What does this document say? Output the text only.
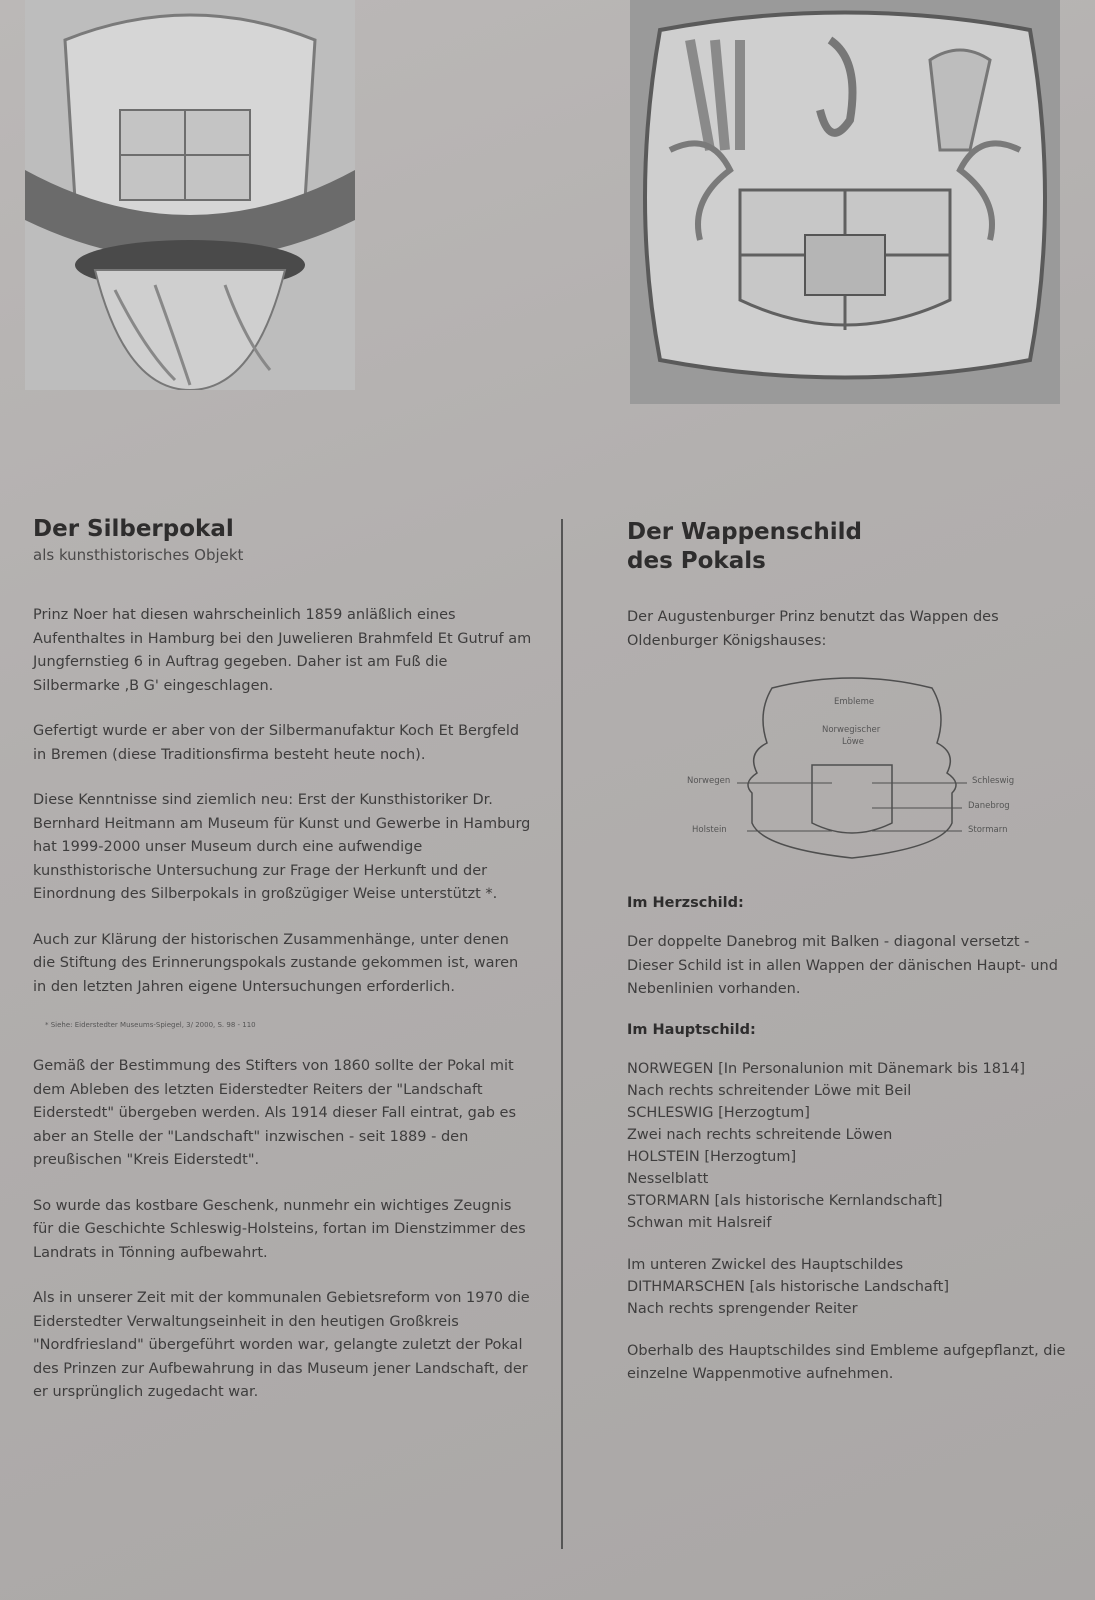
Der Silberpokal
als kunsthistorisches Objekt

Prinz Noer hat diesen wahrscheinlich 1859 anläßlich eines Aufenthaltes in Hamburg bei den Juwelieren Brahmfeld Et Gutruf am Jungfernstieg 6 in Auftrag gegeben. Daher ist am Fuß die Silbermarke ‚B G' eingeschlagen.

Gefertigt wurde er aber von der Silbermanufaktur Koch Et Bergfeld in Bremen (diese Traditionsfirma besteht heute noch).

Diese Kenntnisse sind ziemlich neu: Erst der Kunsthistoriker Dr. Bernhard Heitmann am Museum für Kunst und Gewerbe in Hamburg hat 1999-2000 unser Museum durch eine aufwendige kunsthistorische Untersuchung zur Frage der Herkunft und der Einordnung des Silberpokals in großzügiger Weise unterstützt *.

Auch zur Klärung der historischen Zusammenhänge, unter denen die Stiftung des Erinnerungspokals zustande gekommen ist, waren in den letzten Jahren eigene Untersuchungen erforderlich.

* Siehe: Eiderstedter Museums-Spiegel, 3/ 2000, S. 98 - 110

Gemäß der Bestimmung des Stifters von 1860 sollte der Pokal mit dem Ableben des letzten Eiderstedter Reiters der "Landschaft Eiderstedt" übergeben werden. Als 1914 dieser Fall eintrat, gab es aber an Stelle der "Landschaft" inzwischen - seit 1889 - den preußischen "Kreis Eiderstedt".

So wurde das kostbare Geschenk, nunmehr ein wichtiges Zeugnis für die Geschichte Schleswig-Holsteins, fortan im Dienstzimmer des Landrats in Tönning aufbewahrt.

Als in unserer Zeit mit der kommunalen Gebietsreform von 1970 die Eiderstedter Verwaltungseinheit in den heutigen Großkreis "Nordfriesland" übergeführt worden war, gelangte zuletzt der Pokal des Prinzen zur Aufbewahrung in das Museum jener Landschaft, der er ursprünglich zugedacht war.

Der Wappenschild
des Pokals

Der Augustenburger Prinz benutzt das Wappen des Oldenburger Königshauses:

Embleme
Norwegischer
Löwe
Norwegen
Holstein
Schleswig
Danebrog
Stormarn
Im Herzschild:

Der doppelte Danebrog mit Balken - diagonal versetzt - Dieser Schild ist in allen Wappen der dänischen Haupt- und Nebenlinien vorhanden.

Im Hauptschild:
NORWEGEN [In Personalunion mit Dänemark bis 1814]
Nach rechts schreitender Löwe mit Beil
SCHLESWIG [Herzogtum]
Zwei nach rechts schreitende Löwen
HOLSTEIN [Herzogtum]
Nesselblatt
STORMARN [als historische Kernlandschaft]
Schwan mit Halsreif
Im unteren Zwickel des Hauptschildes
DITHMARSCHEN [als historische Landschaft]
Nach rechts sprengender Reiter

Oberhalb des Hauptschildes sind Embleme aufgepflanzt, die einzelne Wappenmotive aufnehmen.
